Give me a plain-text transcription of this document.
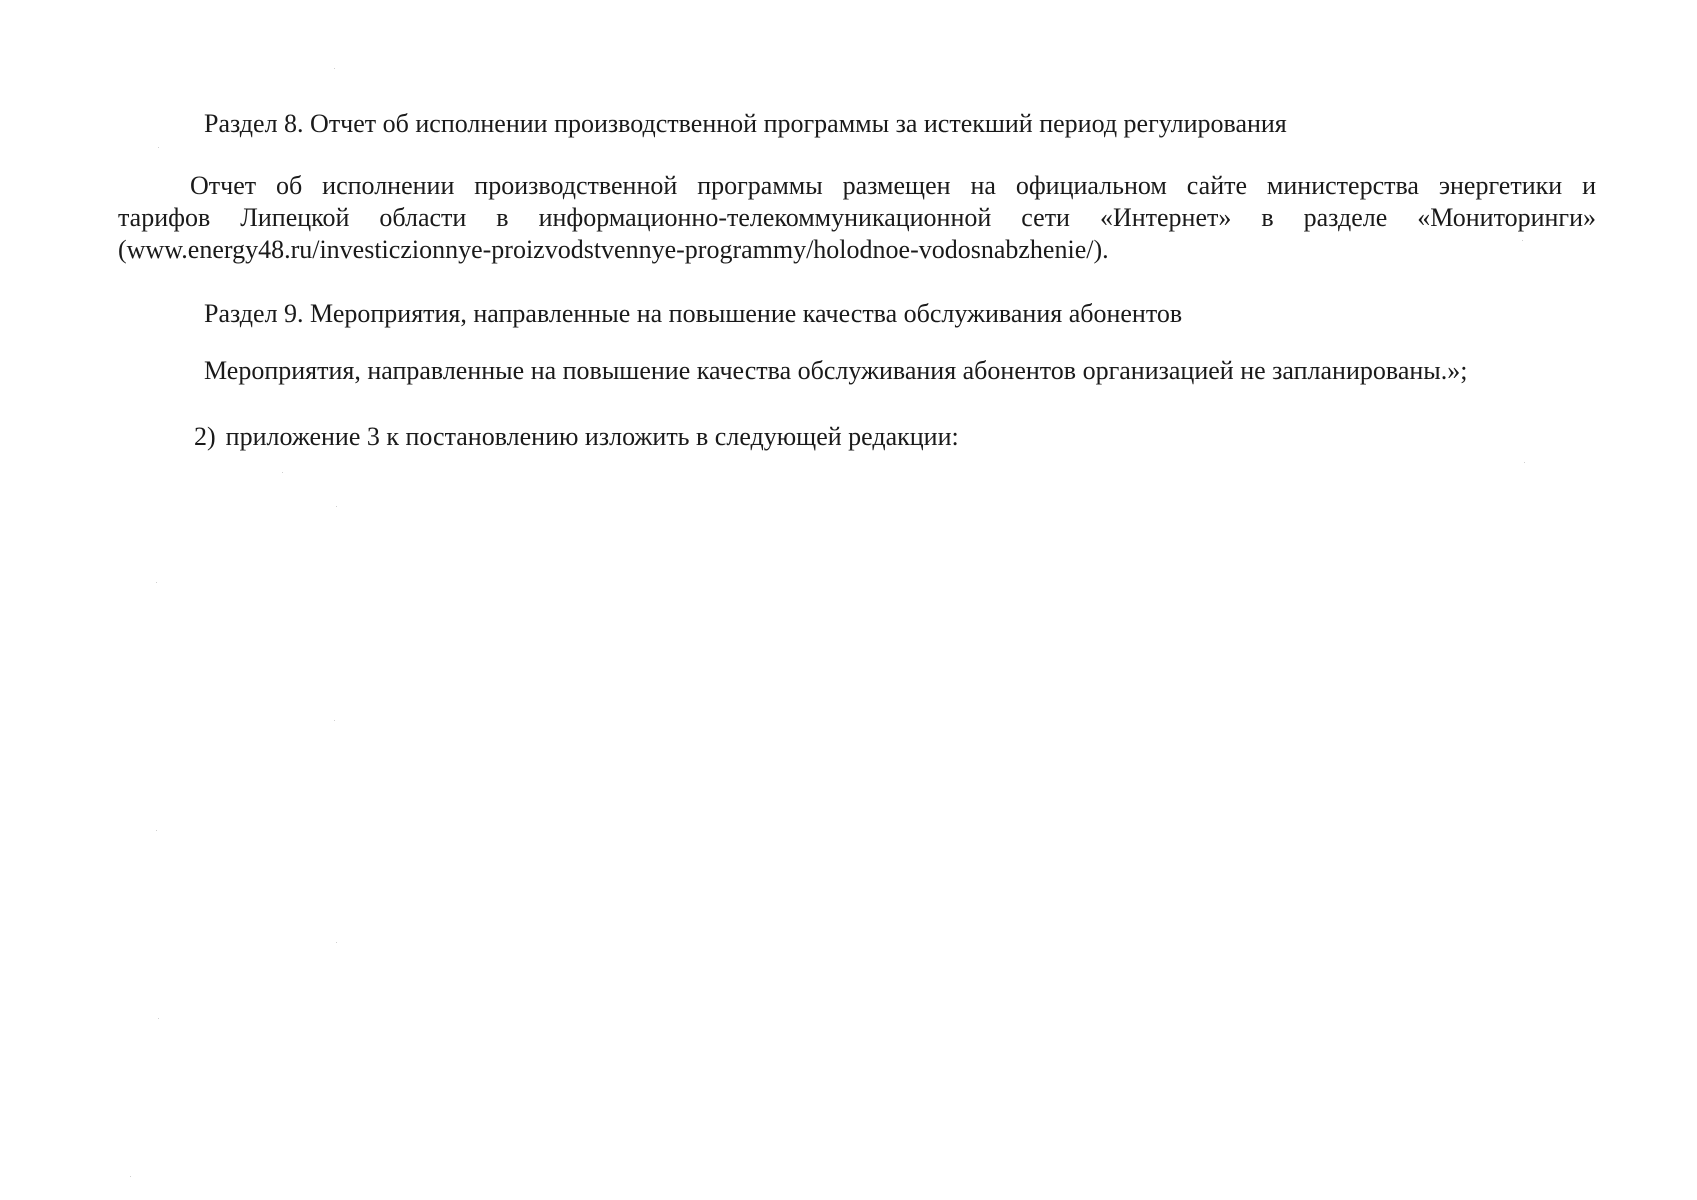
Раздел 8. Отчет об исполнении производственной программы за истекший период регулирования

Отчет об исполнении производственной программы размещен на официальном сайте министерства энергетики и
тарифов Липецкой области в информационно-телекоммуникационной сети «Интернет» в разделе «Мониторинги»
(www.energy48.ru/investiczionnye-proizvodstvennye-programmy/holodnoe-vodosnabzhenie/).

Раздел 9. Мероприятия, направленные на повышение качества обслуживания абонентов

Мероприятия, направленные на повышение качества обслуживания абонентов организацией не запланированы.»;

2) приложение 3 к постановлению изложить в следующей редакции:
